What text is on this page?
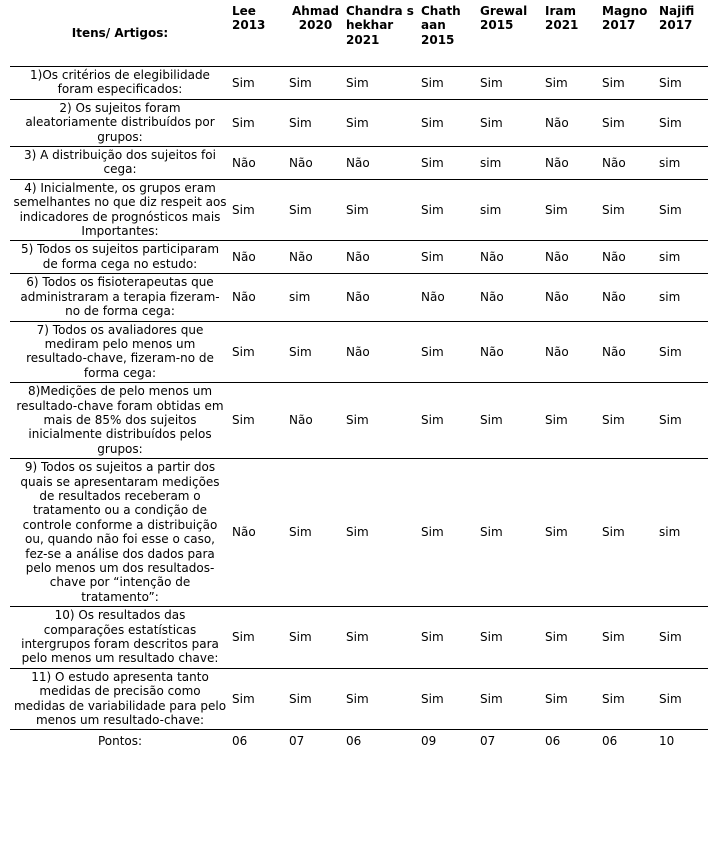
Itens/ Artigos:	Lee 2013	Ahmad 2020	Chandra s hekhar 2021	Chath aan 2015	Grewal 2015	Iram 2021	Magno 2017	Najifi 2017
1)Os critérios de elegibilidade foram especificados:	Sim	Sim	Sim	Sim	Sim	Sim	Sim	Sim
2) Os sujeitos foram aleatoriamente distribuídos por grupos:	Sim	Sim	Sim	Sim	Sim	Não	Sim	Sim
3) A distribuição dos sujeitos foi cega:	Não	Não	Não	Sim	sim	Não	Não	sim
4) Inicialmente, os grupos eram semelhantes no que diz respeit aos indicadores de prognósticos mais Importantes:	Sim	Sim	Sim	Sim	sim	Sim	Sim	Sim
5) Todos os sujeitos participaram de forma cega no estudo:	Não	Não	Não	Sim	Não	Não	Não	sim
6) Todos os fisioterapeutas que administraram a terapia fizeram-no de forma cega:	Não	sim	Não	Não	Não	Não	Não	sim
7) Todos os avaliadores que mediram pelo menos um resultado-chave, fizeram-no de forma cega:	Sim	Sim	Não	Sim	Não	Não	Não	Sim
8)Medições de pelo menos um resultado-chave foram obtidas em mais de 85% dos sujeitos inicialmente distribuídos pelos grupos:	Sim	Não	Sim	Sim	Sim	Sim	Sim	Sim
9) Todos os sujeitos a partir dos quais se apresentaram medições de resultados receberam o tratamento ou a condição de controle conforme a distribuição ou, quando não foi esse o caso, fez-se a análise dos dados para pelo menos um dos resultados- chave por “intenção de tratamento”:	Não	Sim	Sim	Sim	Sim	Sim	Sim	sim
10) Os resultados das comparações estatísticas intergrupos foram descritos para pelo menos um resultado chave:	Sim	Sim	Sim	Sim	Sim	Sim	Sim	Sim
11) O estudo apresenta tanto medidas de precisão como medidas de variabilidade para pelo menos um resultado-chave:	Sim	Sim	Sim	Sim	Sim	Sim	Sim	Sim
Pontos:	06	07	06	09	07	06	06	10
